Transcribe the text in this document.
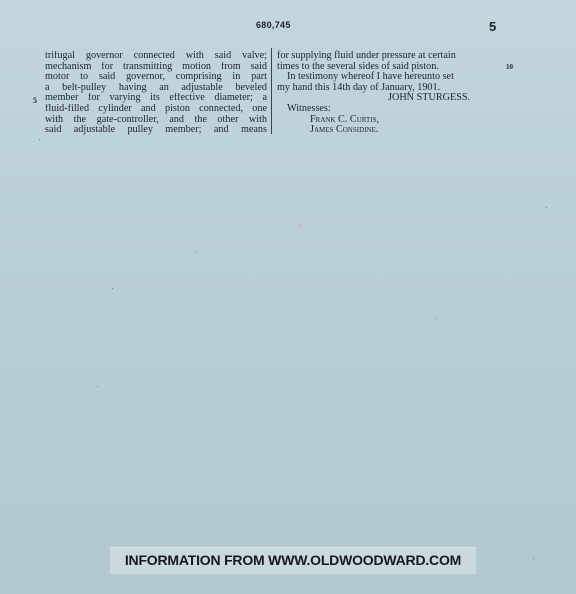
680,745	5
5
10
trifugal governor connected with said valve;
mechanism for transmitting motion from said
motor to said governor, comprising in part
a belt-pulley having an adjustable beveled
member for varying its effective diameter; a
fluid-filled cylinder and piston connected, one
with the gate-controller, and the other with
said adjustable pulley member; and means
for supplying fluid under pressure at certain
times to the several sides of said piston.
In testimony whereof I have hereunto set
my hand this 14th day of January, 1901.
JOHN STURGESS.
Witnesses:
Frank C. Curtis,
James Considine.
INFORMATION FROM WWW.OLDWOODWARD.COM
